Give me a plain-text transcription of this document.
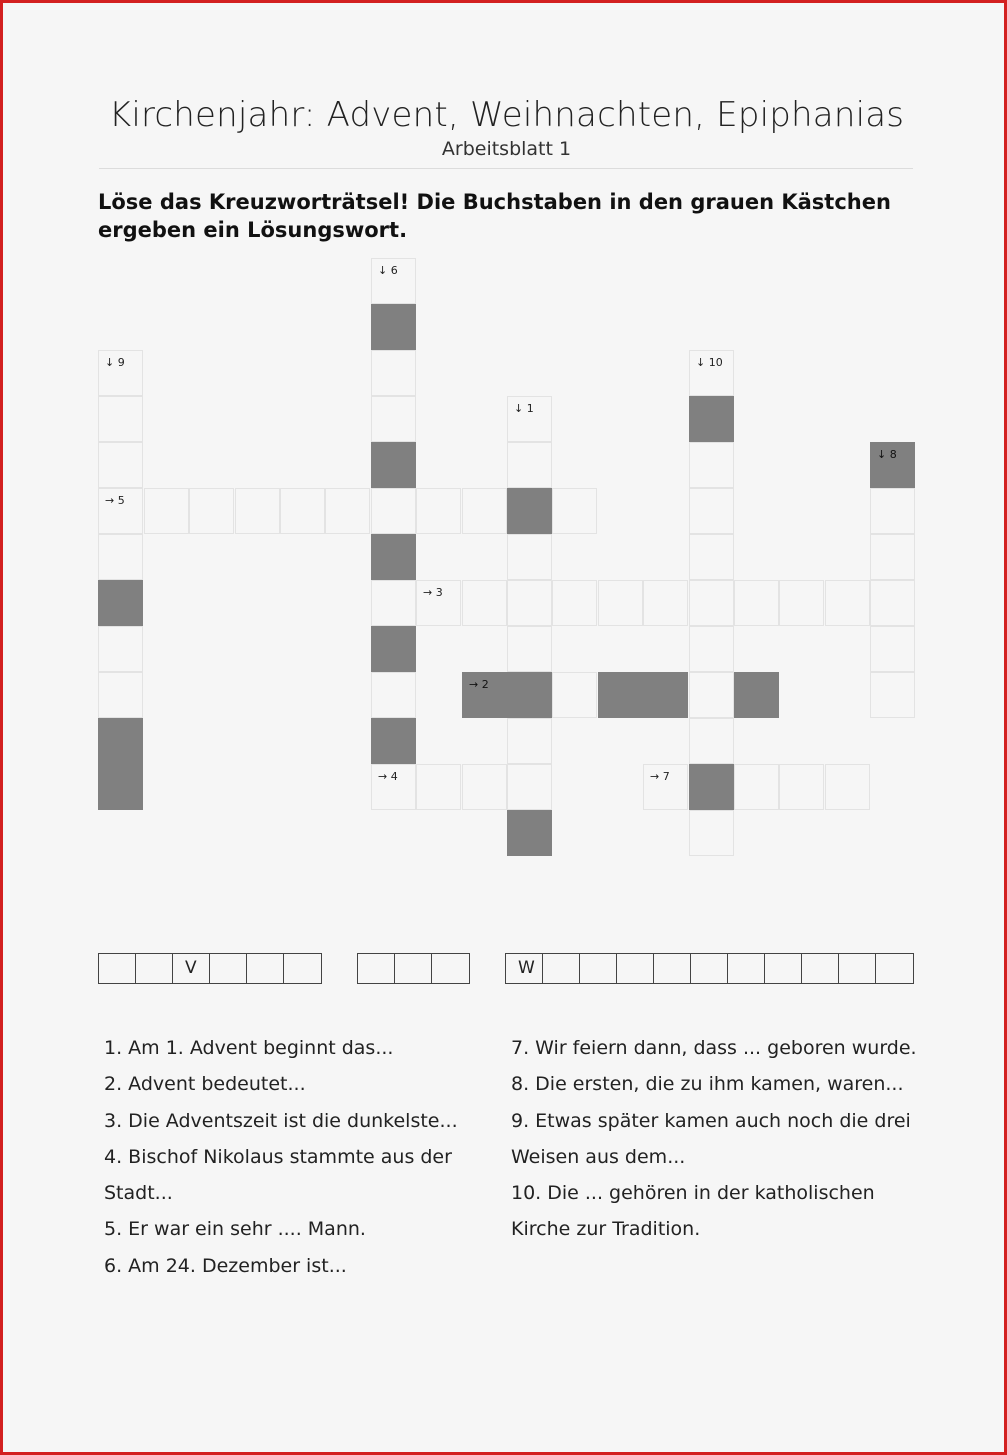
Kirchenjahr: Advent, Weihnachten, Epiphanias
Arbeitsblatt 1
Löse das Kreuzworträtsel! Die Buchstaben in den grauen Kästchen ergeben ein Lösungswort.
↓ 1
→ 2
→ 3
→ 4
→ 5
↓ 6
→ 7
↓ 8
↓ 9	↓ 10
V	W

1. Am 1. Advent beginnt das...

2. Advent bedeutet...

3. Die Adventszeit ist die dunkelste...

4. Bischof Nikolaus stammte aus der

Stadt...

5. Er war ein sehr .... Mann.

6. Am 24. Dezember ist...

7. Wir feiern dann, dass ... geboren wurde.

8. Die ersten, die zu ihm kamen, waren...

9. Etwas später kamen auch noch die drei

Weisen aus dem...

10. Die ... gehören in der katholischen

Kirche zur Tradition.
